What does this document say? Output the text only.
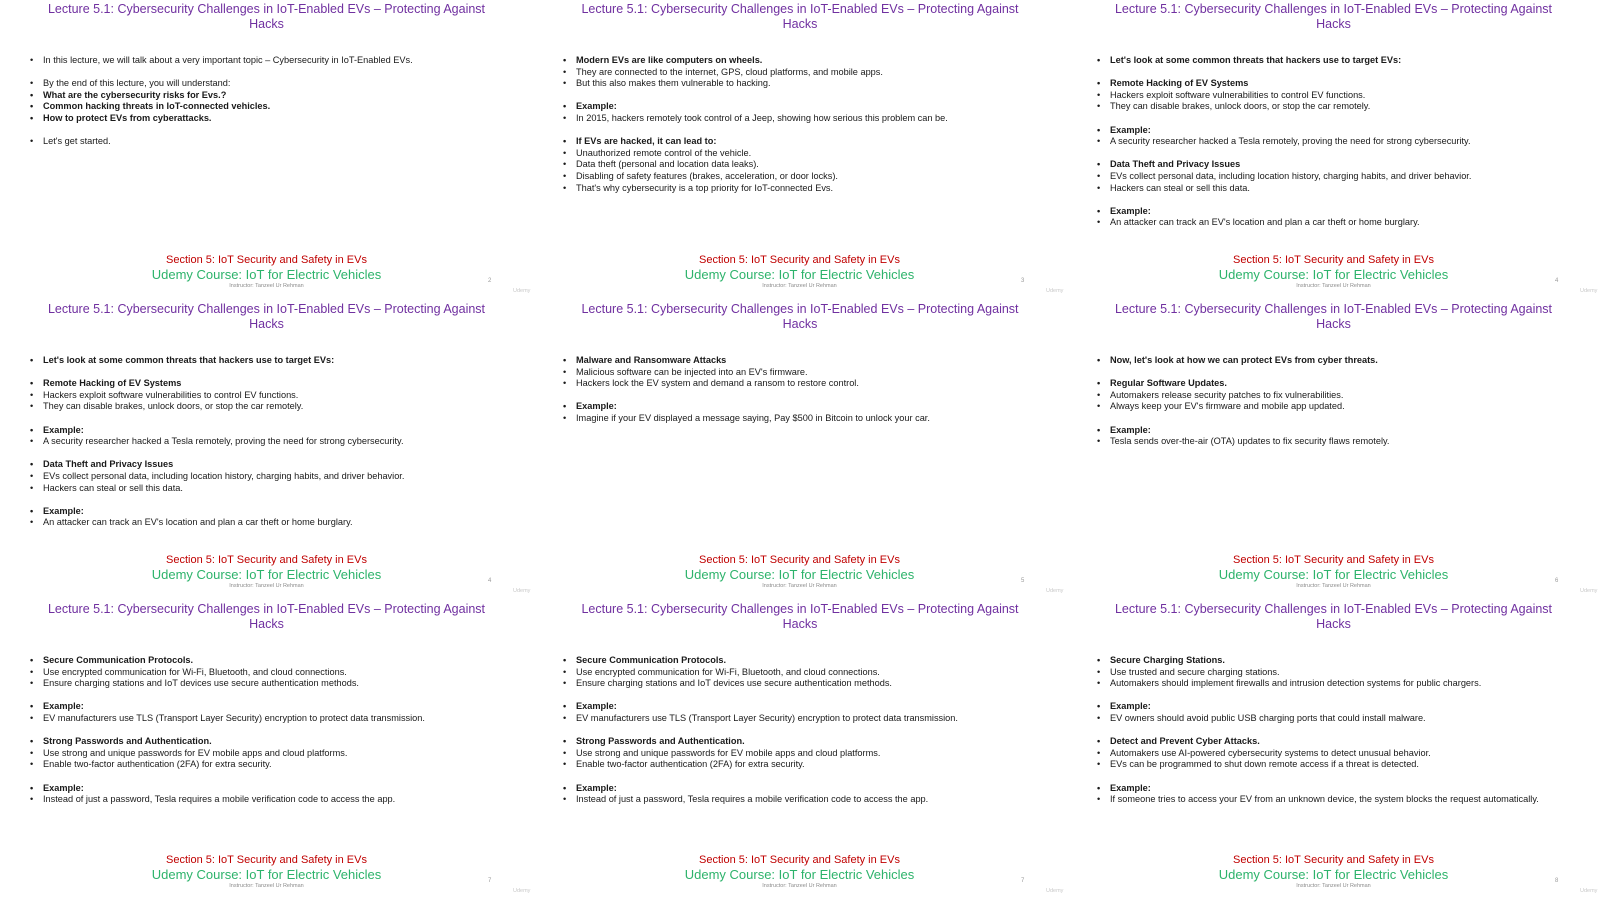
Lecture 5.1: Cybersecurity Challenges in IoT-Enabled EVs – Protecting Against Hacks
• In this lecture, we will talk about a very important topic – Cybersecurity in IoT-Enabled EVs.
• By the end of this lecture, you will understand:
• What are the cybersecurity risks for Evs.?
• Common hacking threats in IoT-connected vehicles.
• How to protect EVs from cyberattacks.
• Let's get started.
Section 5: IoT Security and Safety in EVs
Udemy Course: IoT for Electric Vehicles
Instructor: Tanzeel Ur Rehman
2
Udemy
Lecture 5.1: Cybersecurity Challenges in IoT-Enabled EVs – Protecting Against Hacks
• Modern EVs are like computers on wheels.
• They are connected to the internet, GPS, cloud platforms, and mobile apps.
• But this also makes them vulnerable to hacking.
• Example:
• In 2015, hackers remotely took control of a Jeep, showing how serious this problem can be.
• If EVs are hacked, it can lead to:
• Unauthorized remote control of the vehicle.
• Data theft (personal and location data leaks).
• Disabling of safety features (brakes, acceleration, or door locks).
• That's why cybersecurity is a top priority for IoT-connected Evs.
Section 5: IoT Security and Safety in EVs
Udemy Course: IoT for Electric Vehicles
Instructor: Tanzeel Ur Rehman
3
Udemy
Lecture 5.1: Cybersecurity Challenges in IoT-Enabled EVs – Protecting Against Hacks
• Let's look at some common threats that hackers use to target EVs:
• Remote Hacking of EV Systems
• Hackers exploit software vulnerabilities to control EV functions.
• They can disable brakes, unlock doors, or stop the car remotely.
• Example:
• A security researcher hacked a Tesla remotely, proving the need for strong cybersecurity.
• Data Theft and Privacy Issues
• EVs collect personal data, including location history, charging habits, and driver behavior.
• Hackers can steal or sell this data.
• Example:
• An attacker can track an EV's location and plan a car theft or home burglary.
Section 5: IoT Security and Safety in EVs
Udemy Course: IoT for Electric Vehicles
Instructor: Tanzeel Ur Rehman
4
Udemy
Lecture 5.1: Cybersecurity Challenges in IoT-Enabled EVs – Protecting Against Hacks
• Let's look at some common threats that hackers use to target EVs:
• Remote Hacking of EV Systems
• Hackers exploit software vulnerabilities to control EV functions.
• They can disable brakes, unlock doors, or stop the car remotely.
• Example:
• A security researcher hacked a Tesla remotely, proving the need for strong cybersecurity.
• Data Theft and Privacy Issues
• EVs collect personal data, including location history, charging habits, and driver behavior.
• Hackers can steal or sell this data.
• Example:
• An attacker can track an EV's location and plan a car theft or home burglary.
Section 5: IoT Security and Safety in EVs
Udemy Course: IoT for Electric Vehicles
Instructor: Tanzeel Ur Rehman
4
Udemy
Lecture 5.1: Cybersecurity Challenges in IoT-Enabled EVs – Protecting Against Hacks
• Malware and Ransomware Attacks
• Malicious software can be injected into an EV's firmware.
• Hackers lock the EV system and demand a ransom to restore control.
• Example:
• Imagine if your EV displayed a message saying, Pay $500 in Bitcoin to unlock your car.
Section 5: IoT Security and Safety in EVs
Udemy Course: IoT for Electric Vehicles
Instructor: Tanzeel Ur Rehman
5
Udemy
Lecture 5.1: Cybersecurity Challenges in IoT-Enabled EVs – Protecting Against Hacks
• Now, let's look at how we can protect EVs from cyber threats.
• Regular Software Updates.
• Automakers release security patches to fix vulnerabilities.
• Always keep your EV's firmware and mobile app updated.
• Example:
• Tesla sends over-the-air (OTA) updates to fix security flaws remotely.
Section 5: IoT Security and Safety in EVs
Udemy Course: IoT for Electric Vehicles
Instructor: Tanzeel Ur Rehman
6
Udemy
Lecture 5.1: Cybersecurity Challenges in IoT-Enabled EVs – Protecting Against Hacks
• Secure Communication Protocols.
• Use encrypted communication for Wi-Fi, Bluetooth, and cloud connections.
• Ensure charging stations and IoT devices use secure authentication methods.
• Example:
• EV manufacturers use TLS (Transport Layer Security) encryption to protect data transmission.
• Strong Passwords and Authentication.
• Use strong and unique passwords for EV mobile apps and cloud platforms.
• Enable two-factor authentication (2FA) for extra security.
• Example:
• Instead of just a password, Tesla requires a mobile verification code to access the app.
Section 5: IoT Security and Safety in EVs
Udemy Course: IoT for Electric Vehicles
Instructor: Tanzeel Ur Rehman
7
Udemy
Lecture 5.1: Cybersecurity Challenges in IoT-Enabled EVs – Protecting Against Hacks
• Secure Communication Protocols.
• Use encrypted communication for Wi-Fi, Bluetooth, and cloud connections.
• Ensure charging stations and IoT devices use secure authentication methods.
• Example:
• EV manufacturers use TLS (Transport Layer Security) encryption to protect data transmission.
• Strong Passwords and Authentication.
• Use strong and unique passwords for EV mobile apps and cloud platforms.
• Enable two-factor authentication (2FA) for extra security.
• Example:
• Instead of just a password, Tesla requires a mobile verification code to access the app.
Section 5: IoT Security and Safety in EVs
Udemy Course: IoT for Electric Vehicles
Instructor: Tanzeel Ur Rehman
7
Udemy
Lecture 5.1: Cybersecurity Challenges in IoT-Enabled EVs – Protecting Against Hacks
• Secure Charging Stations.
• Use trusted and secure charging stations.
• Automakers should implement firewalls and intrusion detection systems for public chargers.
• Example:
• EV owners should avoid public USB charging ports that could install malware.
• Detect and Prevent Cyber Attacks.
• Automakers use AI-powered cybersecurity systems to detect unusual behavior.
• EVs can be programmed to shut down remote access if a threat is detected.
• Example:
• If someone tries to access your EV from an unknown device, the system blocks the request automatically.
Section 5: IoT Security and Safety in EVs
Udemy Course: IoT for Electric Vehicles
Instructor: Tanzeel Ur Rehman
8
Udemy
